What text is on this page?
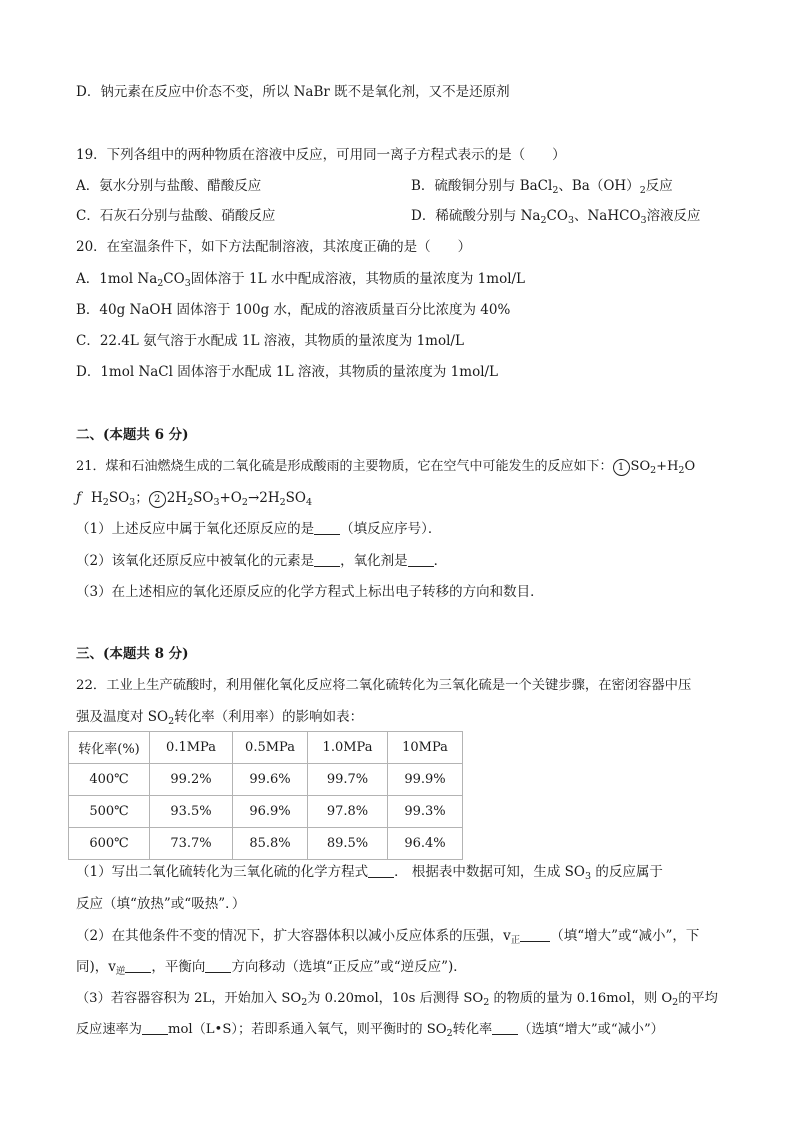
D．钠元素在反应中价态不变，所以 NaBr 既不是氧化剂，又不是还原剂
19．下列各组中的两种物质在溶液中反应，可用同一离子方程式表示的是（　　）
A．氨水分别与盐酸、醋酸反应	B．硫酸铜分别与 BaCl$_2$、$Ba(OH)_2$反应
C．石灰石分别与盐酸、硝酸反应	D．稀硫酸分别与 $Na_2CO_3$、NaHCO$_3$溶液反应
20．在室温条件下，如下方法配制溶液，其浓度正确的是（　　）
A．1mol $Na_2CO_3$固体溶于 1L 水中配成溶液，其物质的量浓度为 1mol/L
B．40g NaOH 固体溶于 100g 水，配成的溶液质量百分比浓度为 40%
C．22.4L 氨气溶于水配成 1L 溶液，其物质的量浓度为 1mol/L
D．1mol NaCl 固体溶于水配成 1L 溶液，其物质的量浓度为 1mol/L
二、(本题共 6 分)
21．煤和石油燃烧生成的二氧化硫是形成酸雨的主要物质，它在空气中可能发生的反应如下： 1 $SO_2+H_2O$
ƒ $H_2SO_3$； 2 $2H_2SO_3+O_2\to 2H_2SO_4$
（1）上述反应中属于氧化还原反应的是 （填反应序号）．
（2）该氧化还原反应中被氧化的元素是 ，氧化剂是 ．
（3）在上述相应的氧化还原反应的化学方程式上标出电子转移的方向和数目．
三、(本题共 8 分)
22．工业上生产硫酸时，利用催化氧化反应将二氧化硫转化为三氧化硫是一个关键步骤，在密闭容器中压
强及温度对 $SO_2$转化率（利用率）的影响如表：
转化率(%)	0.1MPa	0.5MPa	1.0MPa	10MPa
400℃	99.2%	99.6%	99.7%	99.9%
500℃	93.5%	96.9%	97.8%	99.3%
600℃	73.7%	85.8%	89.5%	96.4%
（1）写出二氧化硫转化为三氧化硫的化学方程式 ． 根据表中数据可知，生成 $SO_3$ 的反应属于
反应（填“放热”或“吸热”．）
（2）在其他条件不变的情况下，扩大容器体积以减小反应体系的压强，$v_正$ （填“增大”或“减小”，下
同)，$v_逆$ ，平衡向 方向移动（选填“正反应”或“逆反应”)．
（3）若容器容积为 2L，开始加入 $SO_2$为 0.20mol，10s 后测得 $SO_2$ 的物质的量为 0.16mol，则 $O_2$的平均
反应速率为 mol（L•S）；若即系通入氧气，则平衡时的 $SO_2$转化率 （选填“增大”或“减小”）
